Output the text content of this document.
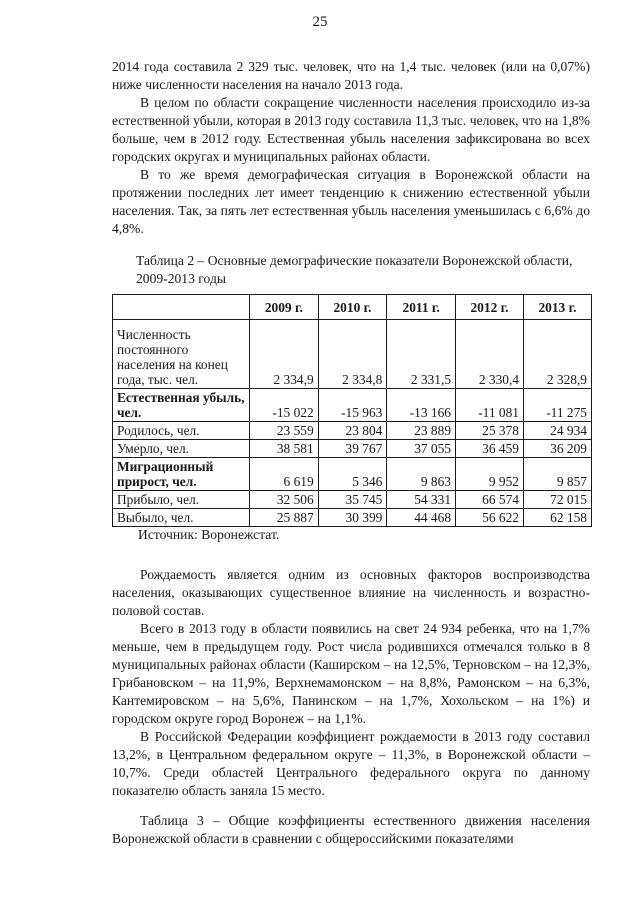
25

2014 года составила 2 329 тыс. человек, что на 1,4 тыс. человек (или на 0,07%) ниже численности населения на начало 2013 года.

В целом по области сокращение численности населения происходило из-за естественной убыли, которая в 2013 году составила 11,3 тыс. человек, что на 1,8% больше, чем в 2012 году. Естественная убыль населения зафиксирована во всех городских округах и муниципальных районах области.

В то же время демографическая ситуация в Воронежской области на протяжении последних лет имеет тенденцию к снижению естественной убыли населения. Так, за пять лет естественная убыль населения уменьшилась с 6,6% до 4,8%.

Таблица 2 – Основные демографические показатели Воронежской области, 2009-2013 годы

	2009 г.	2010 г.	2011 г.	2012 г.	2013 г.
Численность постоянного населения на конец года, тыс. чел.	2 334,9	2 334,8	2 331,5	2 330,4	2 328,9
Естественная убыль, чел.	-15 022	-15 963	-13 166	-11 081	-11 275
Родилось, чел.	23 559	23 804	23 889	25 378	24 934
Умерло, чел.	38 581	39 767	37 055	36 459	36 209
Миграционный прирост, чел.	6 619	5 346	9 863	9 952	9 857
Прибыло, чел.	32 506	35 745	54 331	66 574	72 015
Выбыло, чел.	25 887	30 399	44 468	56 622	62 158
Источник: Воронежстат.

Рождаемость является одним из основных факторов воспроизводства населения, оказывающих существенное влияние на численность и возрастно-половой состав.

Всего в 2013 году в области появились на свет 24 934 ребенка, что на 1,7% меньше, чем в предыдущем году. Рост числа родившихся отмечался только в 8 муниципальных районах области (Каширском – на 12,5%, Терновском – на 12,3%, Грибановском – на 11,9%, Верхнемамонском – на 8,8%, Рамонском – на 6,3%, Кантемировском – на 5,6%, Панинском – на 1,7%, Хохольском – на 1%) и городском округе город Воронеж – на 1,1%.

В Российской Федерации коэффициент рождаемости в 2013 году составил 13,2%, в Центральном федеральном округе – 11,3%, в Воронежской области – 10,7%. Среди областей Центрального федерального округа по данному показателю область заняла 15 место.

Таблица 3 – Общие коэффициенты естественного движения населения Воронежской области в сравнении с общероссийскими показателями
